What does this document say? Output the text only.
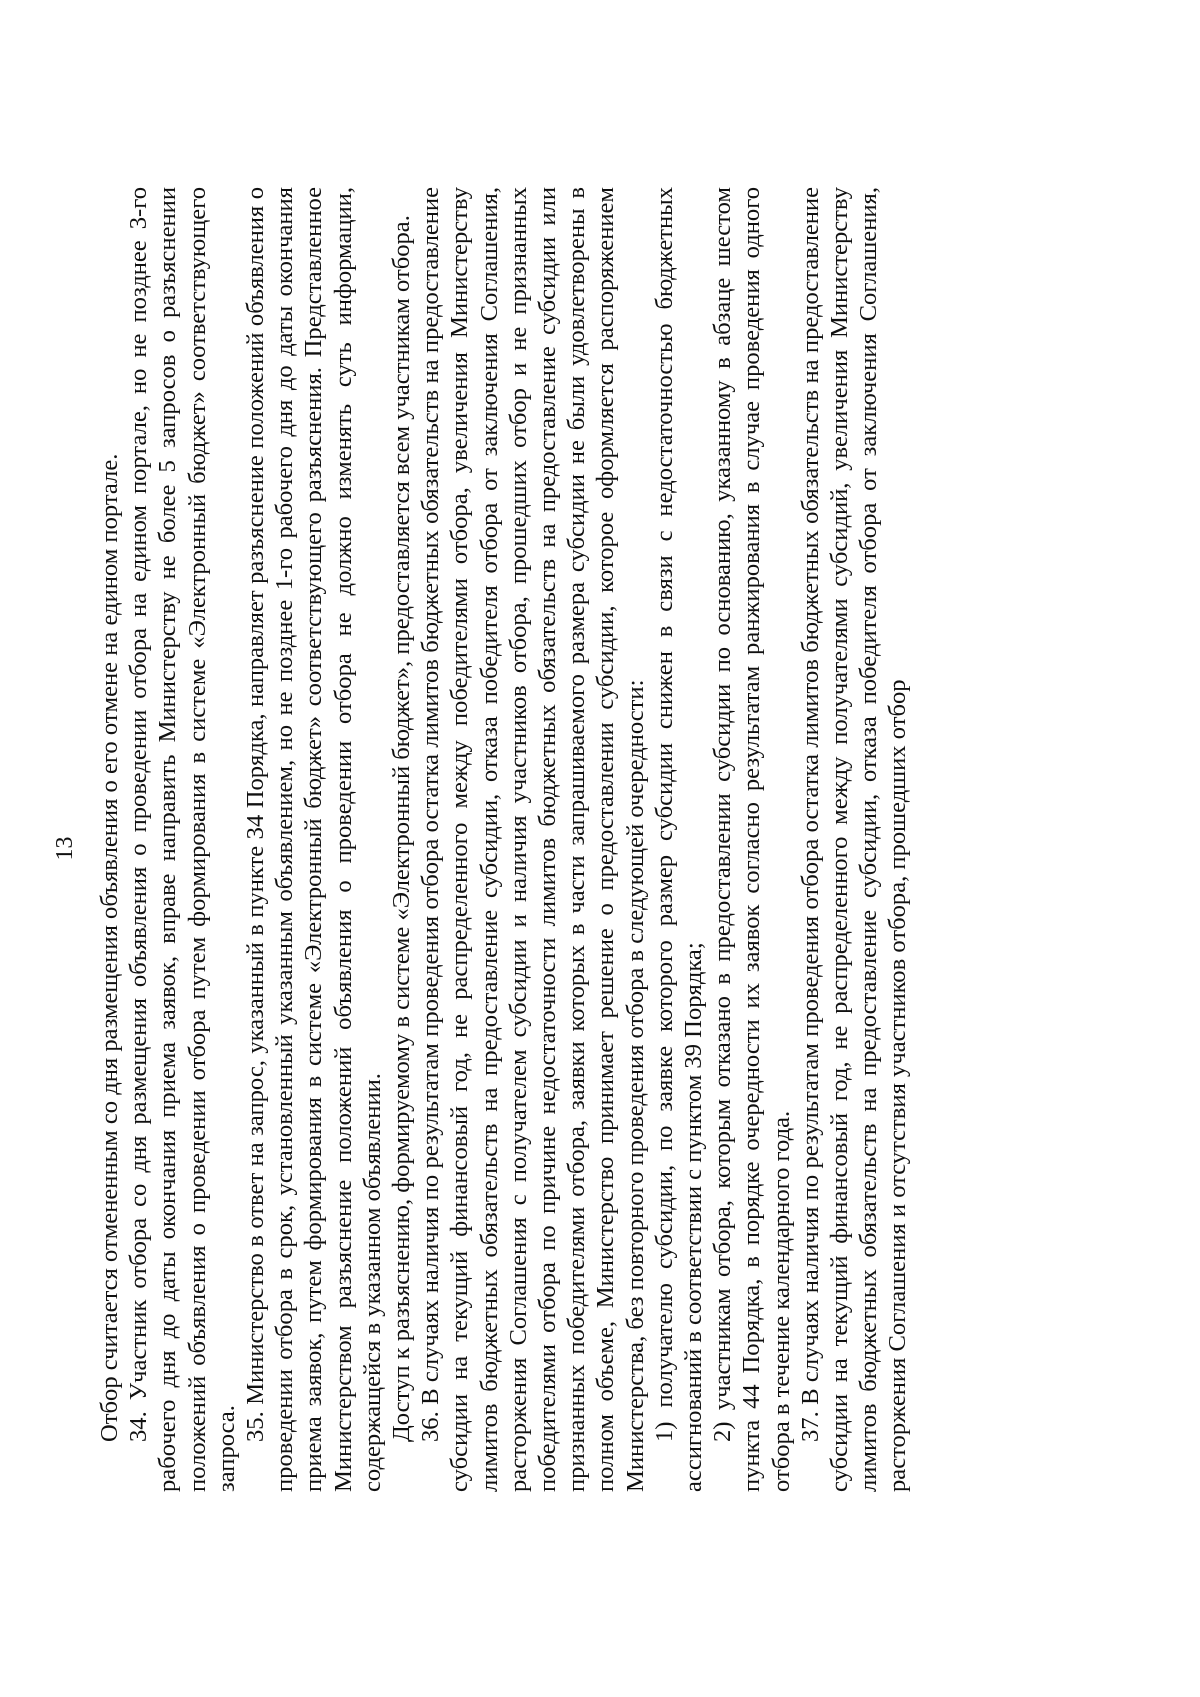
13 Отбор считается отмененным со дня размещения объявления о его отмене на едином портале. 34. Участник отбора со дня размещения объявления о проведении отбора на едином портале, но не позднее 3-го рабочего дня до даты окончания приема заявок, вправе направить Министерству не более 5 запросов о разъяснении положений объявления о проведении отбора путем формирования в системе «Электронный бюджет» соответствующего запроса.

35. Министерство в ответ на запрос, указанный в пункте 34 Порядка, направляет разъяснение положений объявления о проведении отбора в срок, установленный указанным объявлением, но не позднее 1-го рабочего дня до даты окончания приема заявок, путем формирования в системе «Электронный бюджет» соответствующего разъяснения. Представленное Министерством разъяснение положений объявления о проведении отбора не должно изменять суть информации, содержащейся в указанном объявлении. Доступ к разъяснению, формируемому в системе «Электронный бюджет», предоставляется всем участникам отбора. 36. В случаях наличия по результатам проведения отбора остатка лимитов бюджетных обязательств на предоставление субсидии на текущий финансовый год, не распределенного между победителями отбора, увеличения Министерству лимитов бюджетных обязательств на предоставление субсидии, отказа победителя отбора от заключения Соглашения, расторжения Соглашения с получателем субсидии и наличия участников отбора, прошедших отбор и не признанных победителями отбора по причине недостаточности лимитов бюджетных обязательств на предоставление субсидии или признанных победителями отбора, заявки которых в части запрашиваемого размера субсидии не были удовлетворены в полном объеме, Министерство принимает решение о предоставлении субсидии, которое оформляется распоряжением Министерства, без повторного проведения отбора в следующей очередности: 1) получателю субсидии, по заявке которого размер субсидии снижен в связи с недостаточностью бюджетных ассигнований в соответствии с пунктом 39 Порядка; 2) участникам отбора, которым отказано в предоставлении субсидии по основанию, указанному в абзаце шестом пункта 44 Порядка, в порядке очередности их заявок согласно результатам ранжирования в случае проведения одного отбора в течение календарного года. 37. В случаях наличия по результатам проведения отбора остатка лимитов бюджетных обязательств на предоставление субсидии на текущий финансовый год, не распределенного между получателями субсидий, увеличения Министерству лимитов бюджетных обязательств на предоставление субсидии, отказа победителя отбора от заключения Соглашения, расторжения Соглашения и отсутствия участников отбора, прошедших отбор
